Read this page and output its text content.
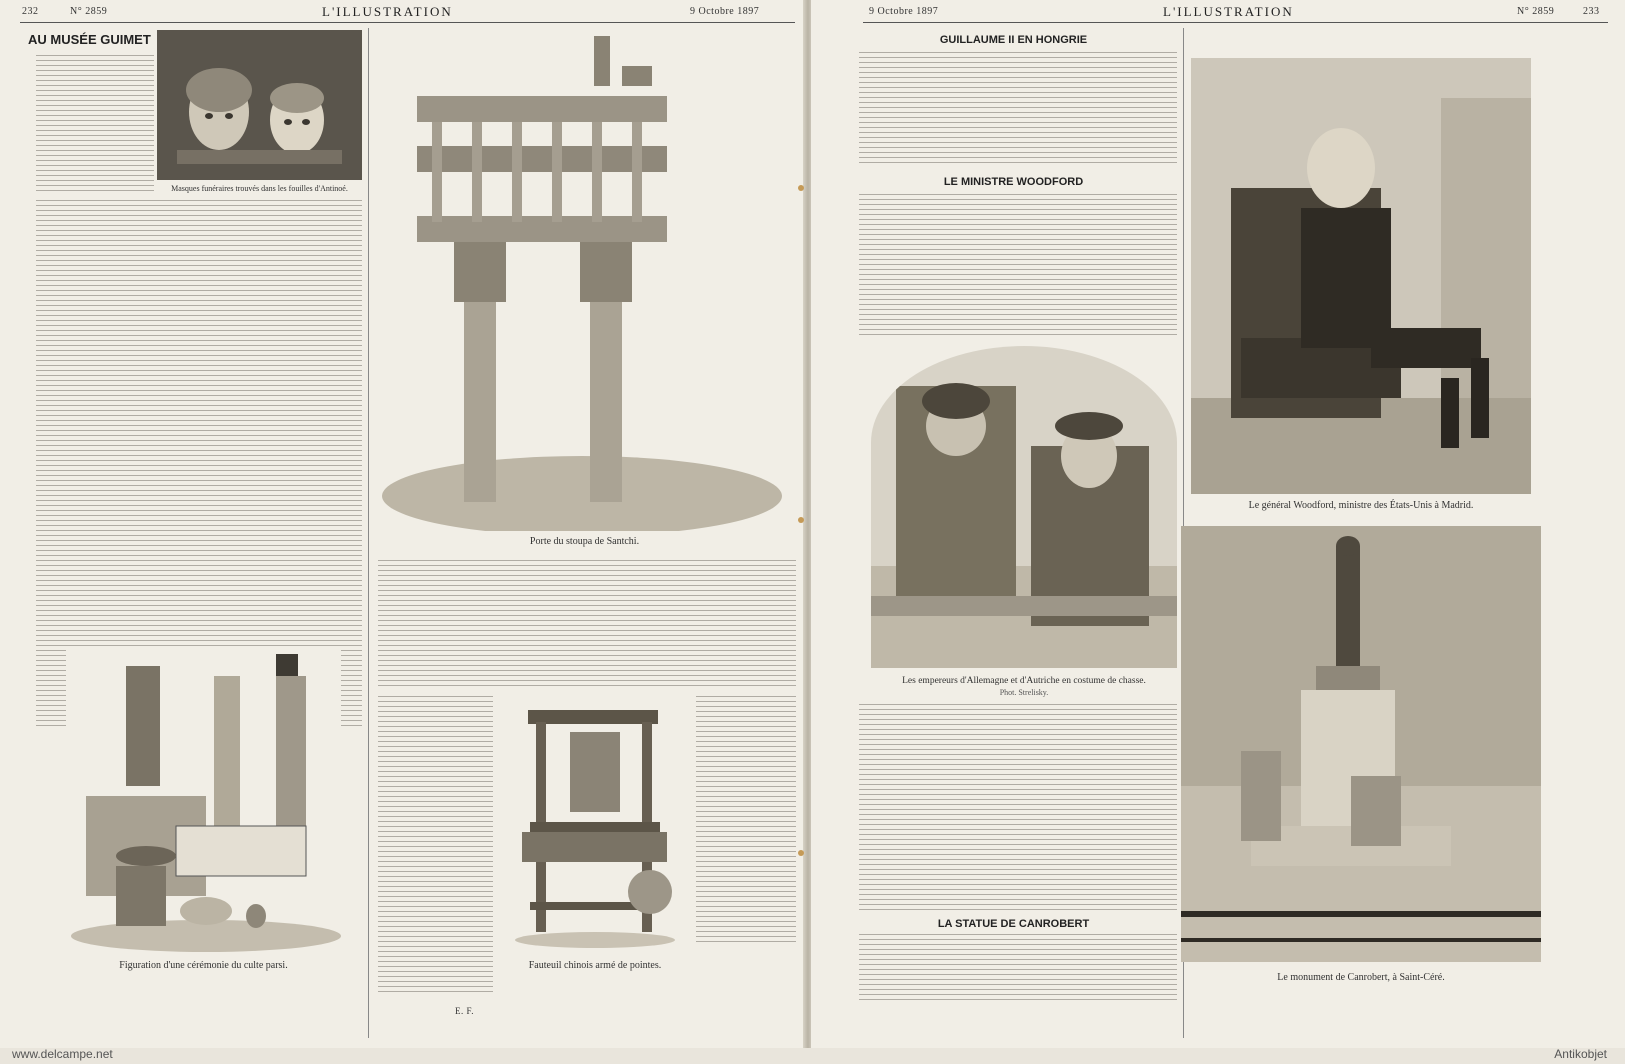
232	N° 2859	L'ILLUSTRATION	9 Octobre 1897
AU MUSÉE GUIMET
Masques funéraires trouvés dans les fouilles d'Antinoé.
Porte du stoupa de Santchi.
Figuration d'une cérémonie du culte parsi.	Fauteuil chinois armé de pointes.
E. F.
9 Octobre 1897	L'ILLUSTRATION	N° 2859	233
GUILLAUME II EN HONGRIE
LE MINISTRE WOODFORD
Les empereurs d'Allemagne et d'Autriche en costume de chasse.
Phot. Strelisky.
LA STATUE DE CANROBERT
Le général Woodford, ministre des États-Unis à Madrid.
Le monument de Canrobert, à Saint-Céré.
www.delcampe.net	Antikobjet
